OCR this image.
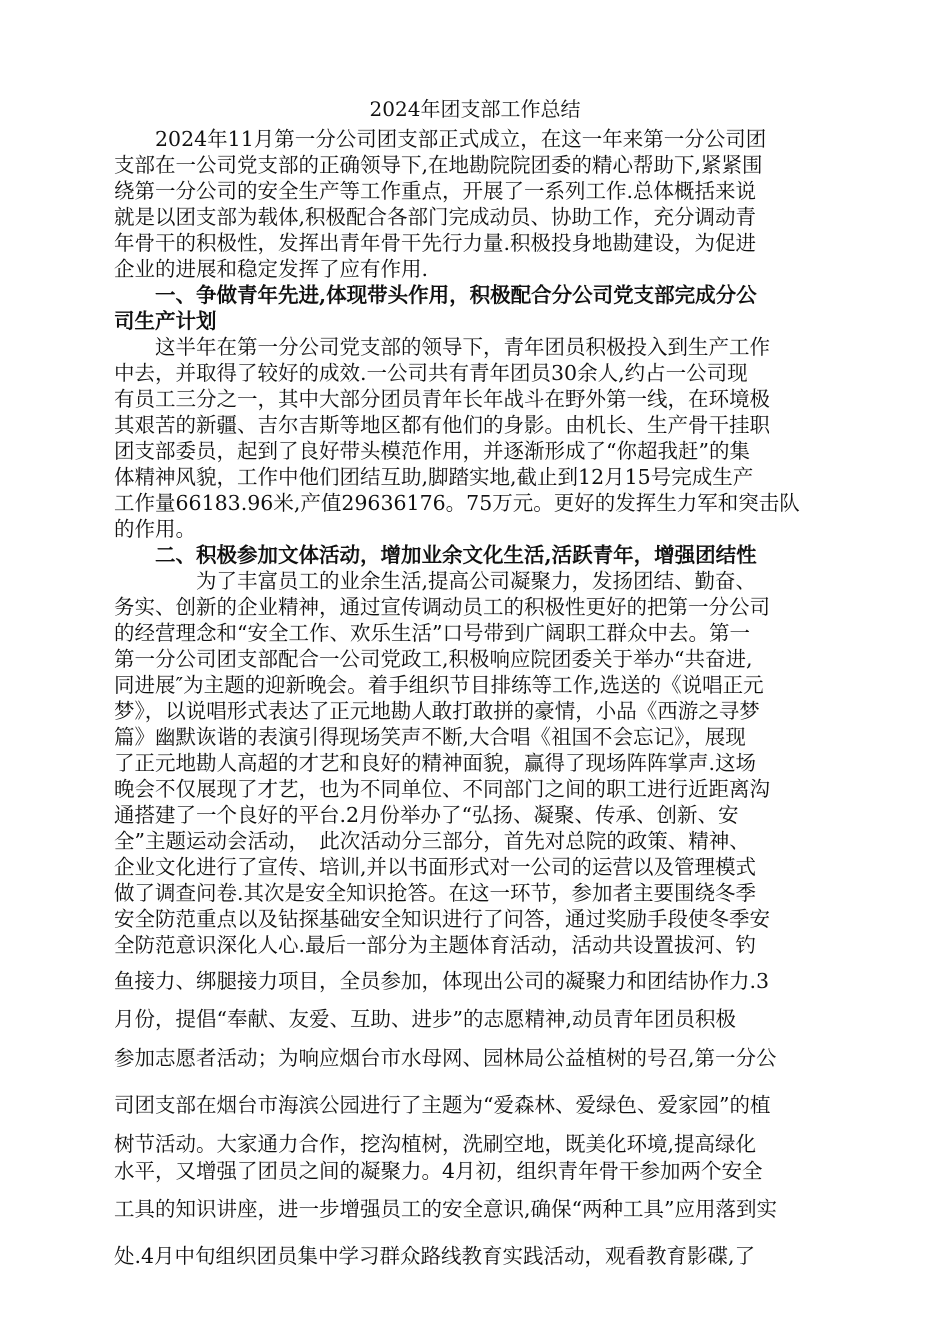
2024年团支部工作总结
　　2024年11月第一分公司团支部正式成立，在这一年来第一分公司团
支部在一公司党支部的正确领导下,在地勘院院团委的精心帮助下,紧紧围
绕第一分公司的安全生产等工作重点，开展了一系列工作.总体概括来说
就是以团支部为载体,积极配合各部门完成动员、协助工作，充分调动青
年骨干的积极性，发挥出青年骨干先行力量.积极投身地勘建设，为促进
企业的进展和稳定发挥了应有作用.
　　一、争做青年先进,体现带头作用，积极配合分公司党支部完成分公
司生产计划
　　这半年在第一分公司党支部的领导下，青年团员积极投入到生产工作
中去，并取得了较好的成效.一公司共有青年团员30余人,约占一公司现
有员工三分之一，其中大部分团员青年长年战斗在野外第一线，在环境极
其艰苦的新疆、吉尔吉斯等地区都有他们的身影。由机长、生产骨干挂职
团支部委员，起到了良好带头模范作用，并逐渐形成了“你超我赶”的集
体精神风貌，工作中他们团结互助,脚踏实地,截止到12月15号完成生产
工作量66183.96米,产值29636176。75万元。更好的发挥生力军和突击队
的作用。
　　二、积极参加文体活动，增加业余文化生活,活跃青年，增强团结性
　　　　为了丰富员工的业余生活,提高公司凝聚力，发扬团结、勤奋、
务实、创新的企业精神，通过宣传调动员工的积极性更好的把第一分公司
的经营理念和“安全工作、欢乐生活”口号带到广阔职工群众中去。第一
第一分公司团支部配合一公司党政工,积极响应院团委关于举办“共奋进,
同进展″为主题的迎新晚会。着手组织节目排练等工作,选送的《说唱正元
梦》，以说唱形式表达了正元地勘人敢打敢拼的豪情，小品《西游之寻梦
篇》幽默诙谐的表演引得现场笑声不断,大合唱《祖国不会忘记》，展现
了正元地勘人高超的才艺和良好的精神面貌，赢得了现场阵阵掌声.这场
晚会不仅展现了才艺，也为不同单位、不同部门之间的职工进行近距离沟
通搭建了一个良好的平台.2月份举办了“弘扬、凝聚、传承、创新、安
全”主题运动会活动，　此次活动分三部分，首先对总院的政策、精神、
企业文化进行了宣传、培训,并以书面形式对一公司的运营以及管理模式
做了调查问卷.其次是安全知识抢答。在这一环节，参加者主要围绕冬季
安全防范重点以及钻探基础安全知识进行了问答，通过奖励手段使冬季安
全防范意识深化人心.最后一部分为主题体育活动，活动共设置拔河、钓
鱼接力、绑腿接力项目，全员参加，体现出公司的凝聚力和团结协作力.3
月份，提倡“奉献、友爱、互助、进步”的志愿精神,动员青年团员积极
参加志愿者活动；为响应烟台市水母网、园林局公益植树的号召,第一分公
司团支部在烟台市海滨公园进行了主题为“爱森林、爱绿色、爱家园”的植
树节活动。大家通力合作，挖沟植树，洗刷空地，既美化环境,提高绿化
水平，又增强了团员之间的凝聚力。4月初，组织青年骨干参加两个安全
工具的知识讲座，进一步增强员工的安全意识,确保“两种工具”应用落到实
处.4月中旬组织团员集中学习群众路线教育实践活动，观看教育影碟,了
